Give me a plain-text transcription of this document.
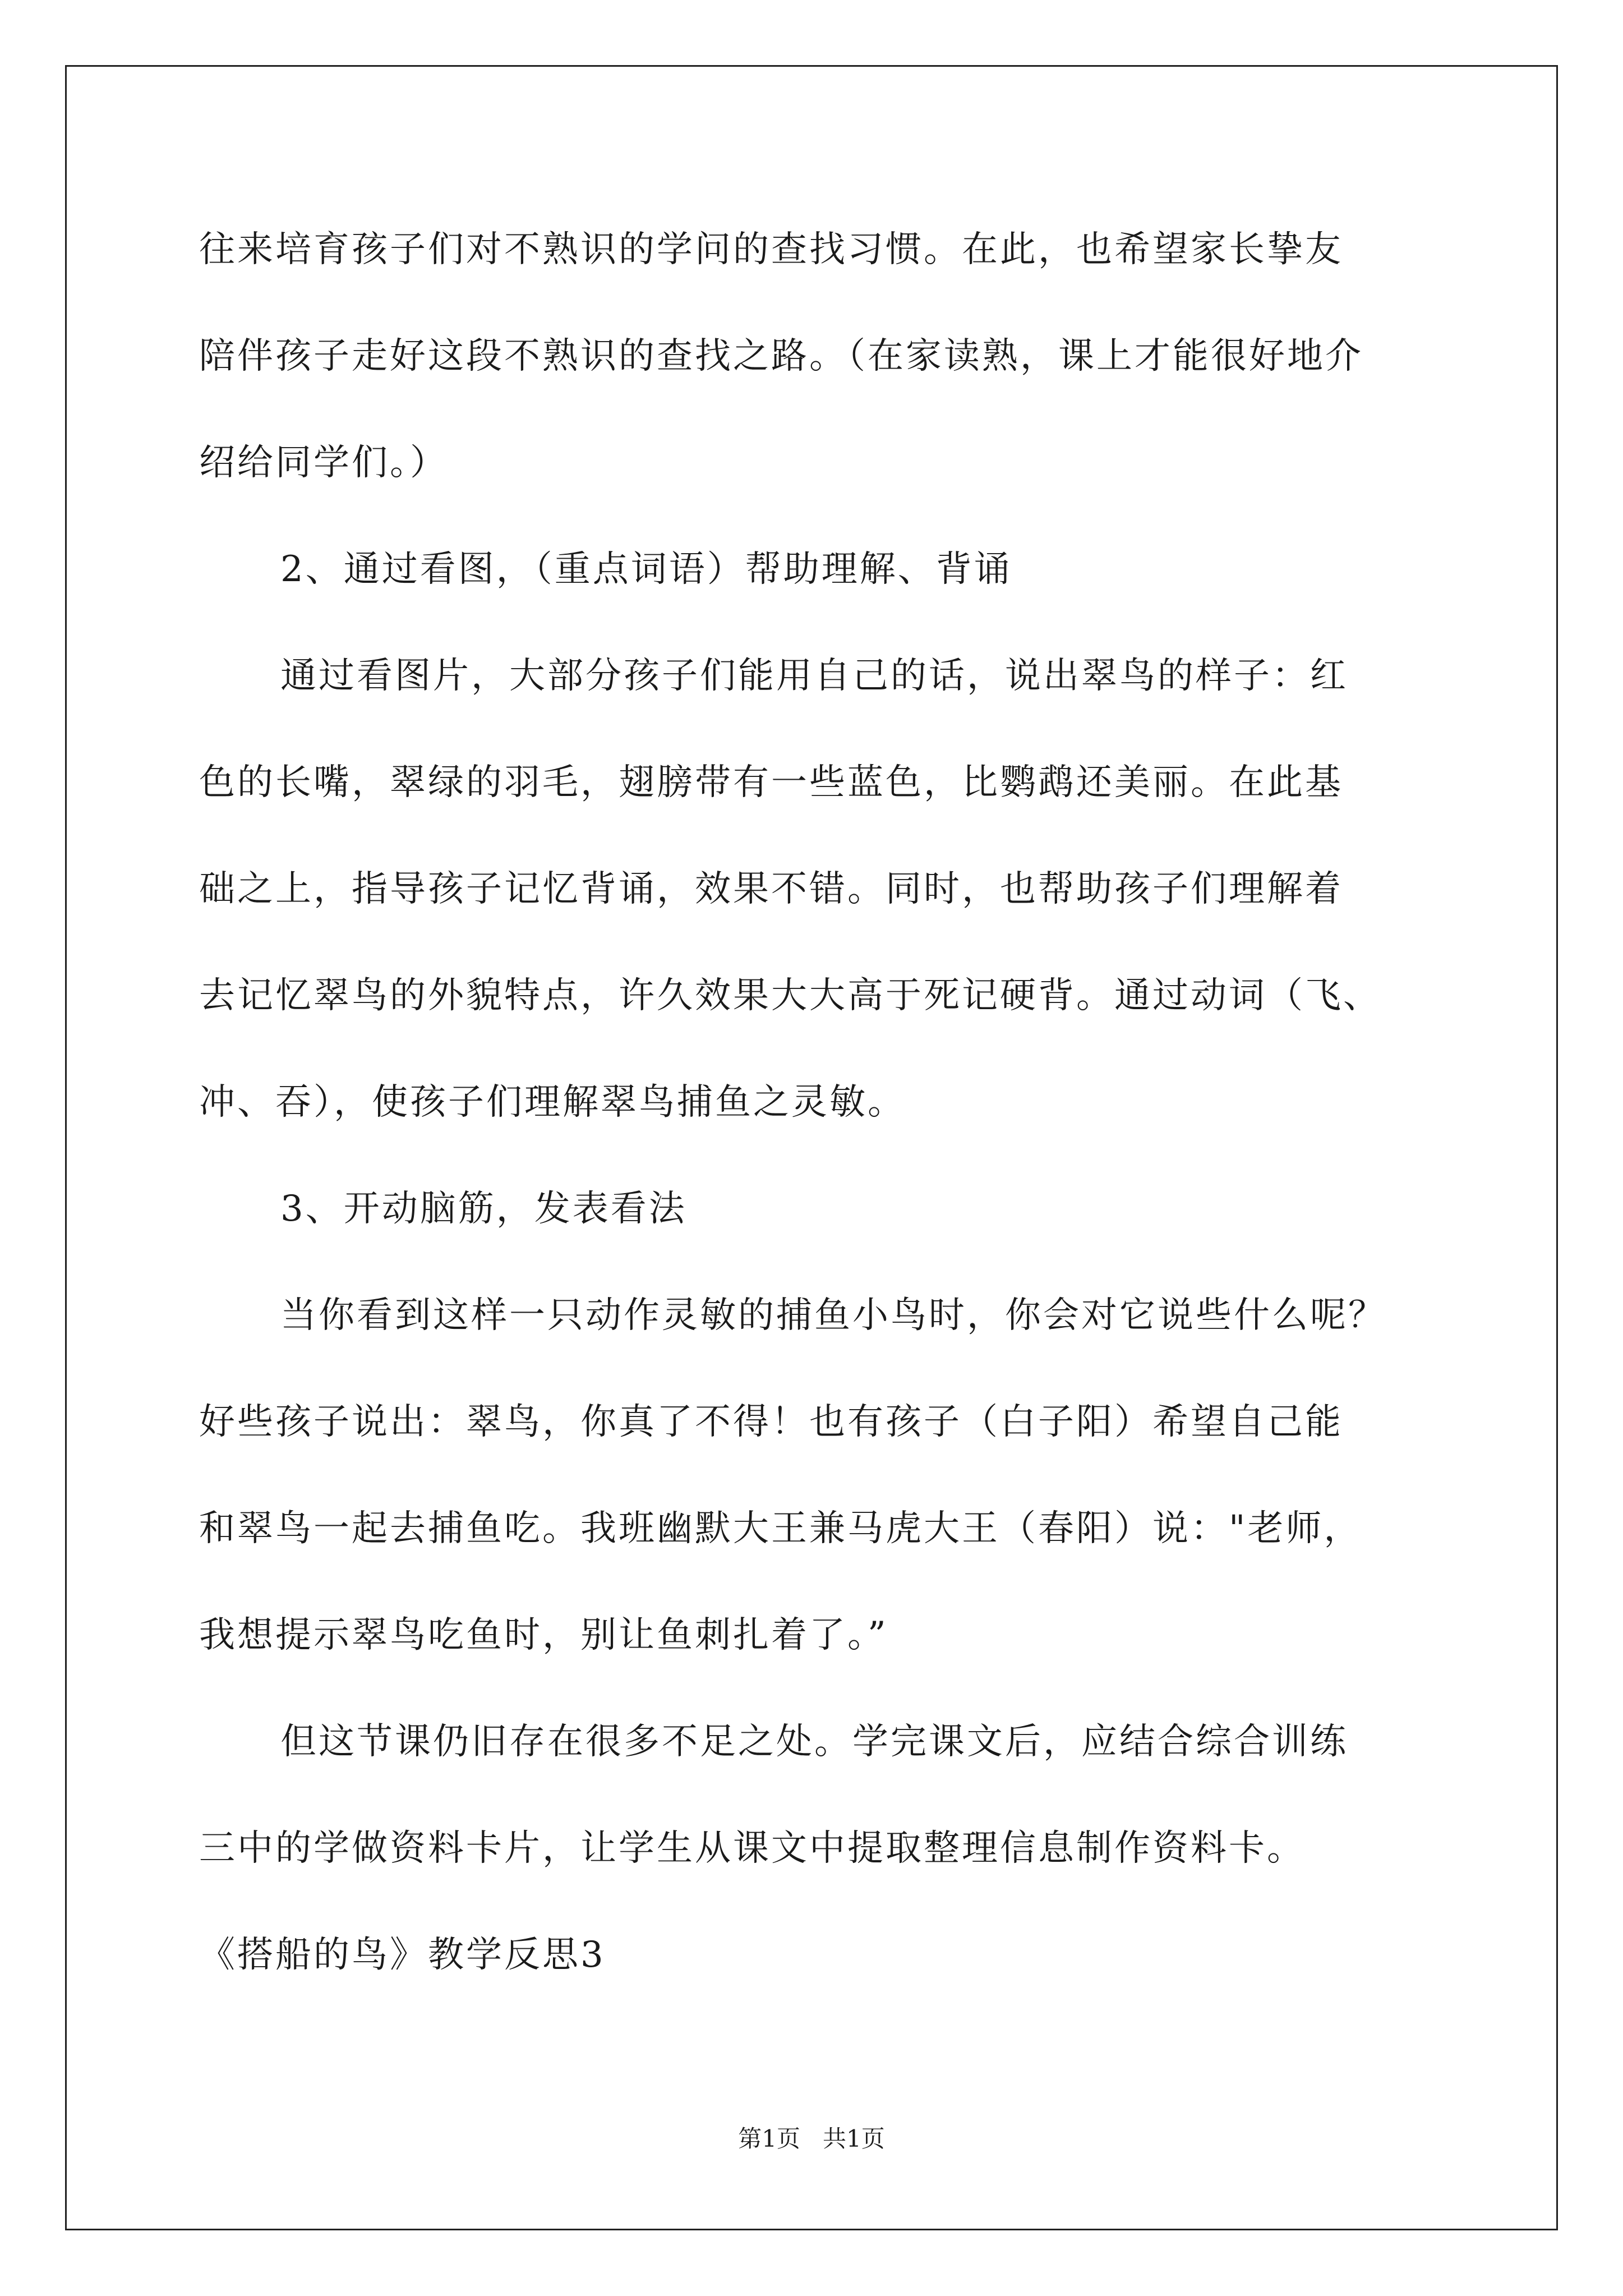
往来培育孩子们对不熟识的学问的查找习惯。在此，也希望家长挚友
陪伴孩子走好这段不熟识的查找之路。（在家读熟，课上才能很好地介
绍给同学们。）
2、通过看图，（重点词语）帮助理解、背诵
通过看图片，大部分孩子们能用自己的话，说出翠鸟的样子：红
色的长嘴，翠绿的羽毛，翅膀带有一些蓝色，比鹦鹉还美丽。在此基
础之上，指导孩子记忆背诵，效果不错。同时，也帮助孩子们理解着
去记忆翠鸟的外貌特点，许久效果大大高于死记硬背。通过动词（飞、
冲、吞），使孩子们理解翠鸟捕鱼之灵敏。
3、开动脑筋，发表看法
当你看到这样一只动作灵敏的捕鱼小鸟时，你会对它说些什么呢？
好些孩子说出：翠鸟，你真了不得！也有孩子（白子阳）希望自己能
和翠鸟一起去捕鱼吃。我班幽默大王兼马虎大王（春阳）说："老师，
我想提示翠鸟吃鱼时，别让鱼刺扎着了。”
但这节课仍旧存在很多不足之处。学完课文后，应结合综合训练
三中的学做资料卡片，让学生从课文中提取整理信息制作资料卡。
《搭船的鸟》教学反思3
第1页   共1页
